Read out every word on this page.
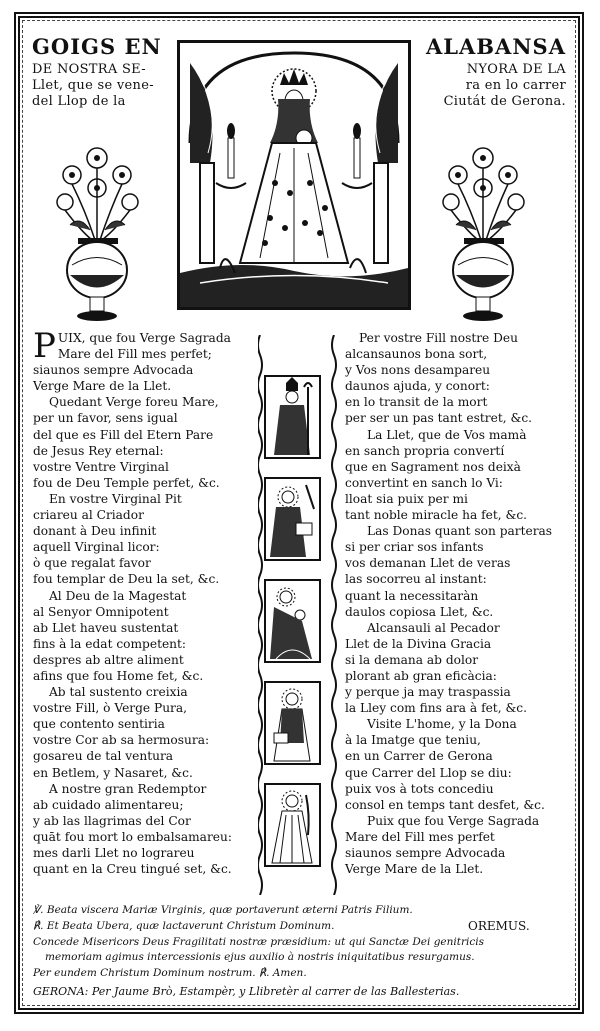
GOIGS EN
DE NOSTRA SE-
Llet, que se vene-
del Llop de la
ALABANSA
NYORA DE LA
ra en lo carrer
Ciutát de Gerona.
P UIX, que fou Verge Sagrada
Mare del Fill mes perfet;
siaunos sempre Advocada
Verge Mare de la Llet.
Quedant Verge foreu Mare,
per un favor, sens igual
del que es Fill del Etern Pare
de Jesus Rey eternal:
vostre Ventre Virginal
fou de Deu Temple perfet, &c.
En vostre Virginal Pit
criareu al Criador
donant à Deu infinit
aquell Virginal licor:
ò que regalat favor
fou templar de Deu la set, &c.
Al Deu de la Magestat
al Senyor Omnipotent
ab Llet haveu sustentat
fins à la edat competent:
despres ab altre aliment
afins que fou Home fet, &c.
Ab tal sustento creixia
vostre Fill, ò Verge Pura,
que contento sentiria
vostre Cor ab sa hermosura:
gosareu de tal ventura
en Betlem, y Nasaret, &c.
A nostre gran Redemptor
ab cuidado alimentareu;
y ab las llagrimas del Cor
quāt fou mort lo embalsamareu:
mes darli Llet no lograreu
quant en la Creu tingué set, &c.
Per vostre Fill nostre Deu
alcansaunos bona sort,
y Vos nons desampareu
daunos ajuda, y conort:
en lo transit de la mort
per ser un pas tant estret, &c.
La Llet, que de Vos mamà
en sanch propria convertí
que en Sagrament nos deixà
convertint en sanch lo Vi:
lloat sia puix per mi
tant noble miracle ha fet, &c.
Las Donas quant son parteras
si per criar sos infants
vos demanan Llet de veras
las socorreu al instant:
quant la necessitaràn
daulos copiosa Llet, &c.
Alcansauli al Pecador
Llet de la Divina Gracia
si la demana ab dolor
plorant ab gran eficàcia:
y perque ja may traspassia
la Lley com fins ara à fet, &c.
Visite L'home, y la Dona
à la Imatge que teniu,
en un Carrer de Gerona
que Carrer del Llop se diu:
puix vos à tots concediu
consol en temps tant desfet, &c.
Puix que fou Verge Sagrada
Mare del Fill mes perfet
siaunos sempre Advocada
Verge Mare de la Llet.
℣. Beata viscera Mariæ Virginis, quæ portaverunt æterni Patris Filium.
℟. Et Beata Ubera, quæ lactaverunt Christum Dominum.	OREMUS.
Concede Misericors Deus Fragilitati nostræ præsidium: ut qui Sanctæ Dei genitricis
memoriam agimus intercessionis ejus auxilio à nostris iniquitatibus resurgamus.
Per eundem Christum Dominum nostrum. ℟. Amen.
GERONA: Per Jaume Brò, Estampèr, y Llibretèr al carrer de las Ballesterias.
